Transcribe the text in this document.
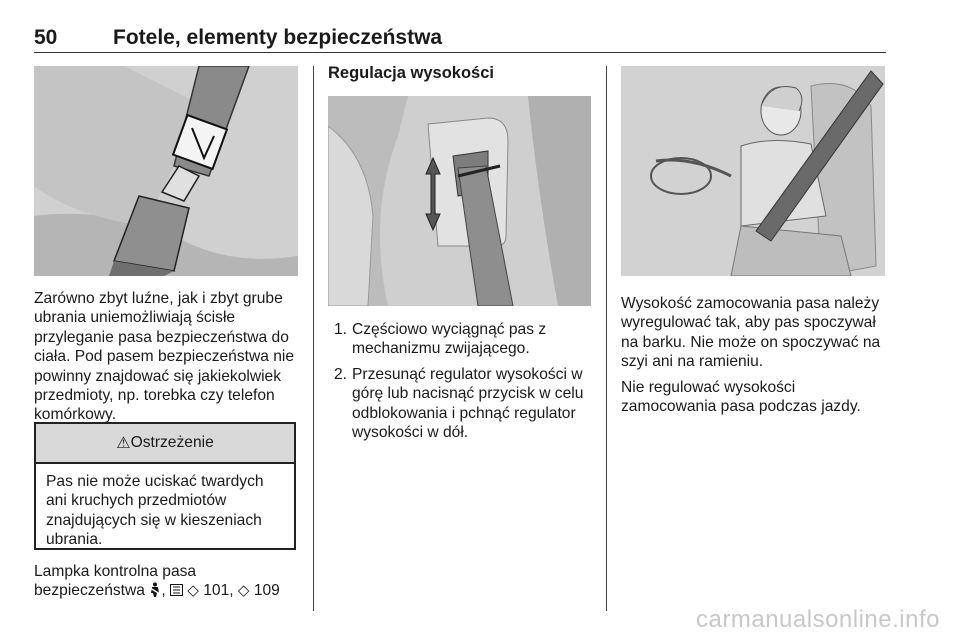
50	Fotele, elementy bezpieczeństwa

Zarówno zbyt luźne, jak i zbyt grube ubrania uniemożliwiają ścisłe przyleganie pasa bezpieczeństwa do ciała. Pod pasem bezpieczeństwa nie powinny znajdować się jakiekolwiek przedmioty, np. torebka czy telefon komórkowy.

⚠ Ostrzeżenie
Pas nie może uciskać twardych ani kruchych przedmiotów znajdujących się w kieszeniach ubrania.
Lampka kontrolna pasa bezpieczeństwa ,  ◇ 101, ◇ 109
Regulacja wysokości
1. Częściowo wyciągnąć pas z mechanizmu zwijającego.
2. Przesunąć regulator wysokości w górę lub nacisnąć przycisk w celu odblokowania i pchnąć regulator wysokości w dół.

Wysokość zamocowania pasa należy wyregulować tak, aby pas spoczywał na barku. Nie może on spoczywać na szyi ani na ramieniu.

Nie regulować wysokości zamocowania pasa podczas jazdy.

carmanualsonline.info
